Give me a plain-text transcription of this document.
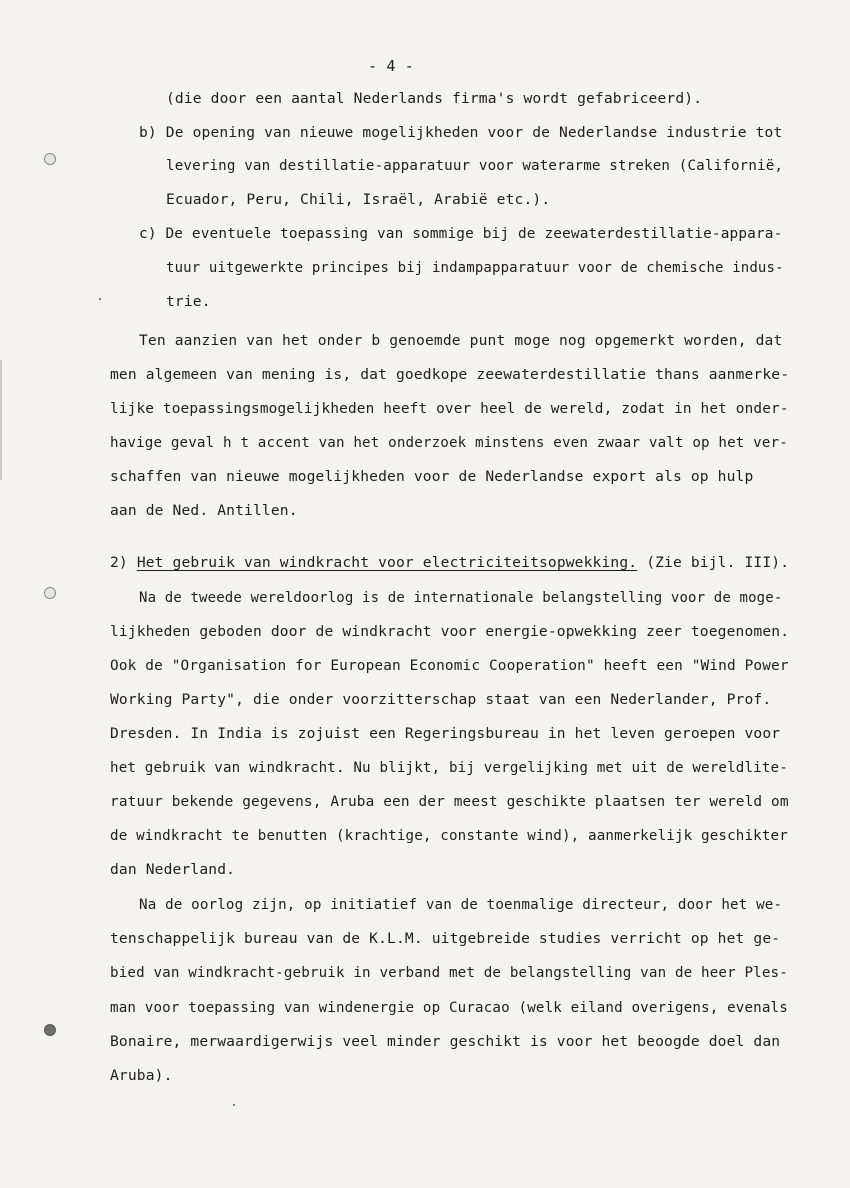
- 4 -
(die door een aantal Nederlands firma's wordt gefabriceerd).
b) De opening van nieuwe mogelijkheden voor de Nederlandse industrie tot
levering van destillatie-apparatuur voor waterarme streken (Californië,
Ecuador, Peru, Chili, Israël, Arabië etc.).
c) De eventuele toepassing van sommige bij de zeewaterdestillatie-appara-
tuur uitgewerkte principes bij indampapparatuur voor de chemische indus-
trie.
Ten aanzien van het onder b genoemde punt moge nog opgemerkt worden, dat
men algemeen van mening is, dat goedkope zeewaterdestillatie thans aanmerke-
lijke toepassingsmogelijkheden heeft over heel de wereld, zodat in het onder-
havige geval h t accent van het onderzoek minstens even zwaar valt op het ver-
schaffen van nieuwe mogelijkheden voor de Nederlandse export als op hulp
aan de Ned. Antillen.
2) Het gebruik van windkracht voor electriciteitsopwekking. (Zie bijl. III).
Na de tweede wereldoorlog is de internationale belangstelling voor de moge-
lijkheden geboden door de windkracht voor energie-opwekking zeer toegenomen.
Ook de "Organisation for European Economic Cooperation" heeft een "Wind Power
Working Party", die onder voorzitterschap staat van een Nederlander, Prof.
Dresden. In India is zojuist een Regeringsbureau in het leven geroepen voor
het gebruik van windkracht. Nu blijkt, bij vergelijking met uit de wereldlite-
ratuur bekende gegevens, Aruba een der meest geschikte plaatsen ter wereld om
de windkracht te benutten (krachtige, constante wind), aanmerkelijk geschikter
dan Nederland.
Na de oorlog zijn, op initiatief van de toenmalige directeur, door het we-
tenschappelijk bureau van de K.L.M. uitgebreide studies verricht op het ge-
bied van windkracht-gebruik in verband met de belangstelling van de heer Ples-
man voor toepassing van windenergie op Curacao (welk eiland overigens, evenals
Bonaire, merwaardigerwijs veel minder geschikt is voor het beoogde doel dan
Aruba).
